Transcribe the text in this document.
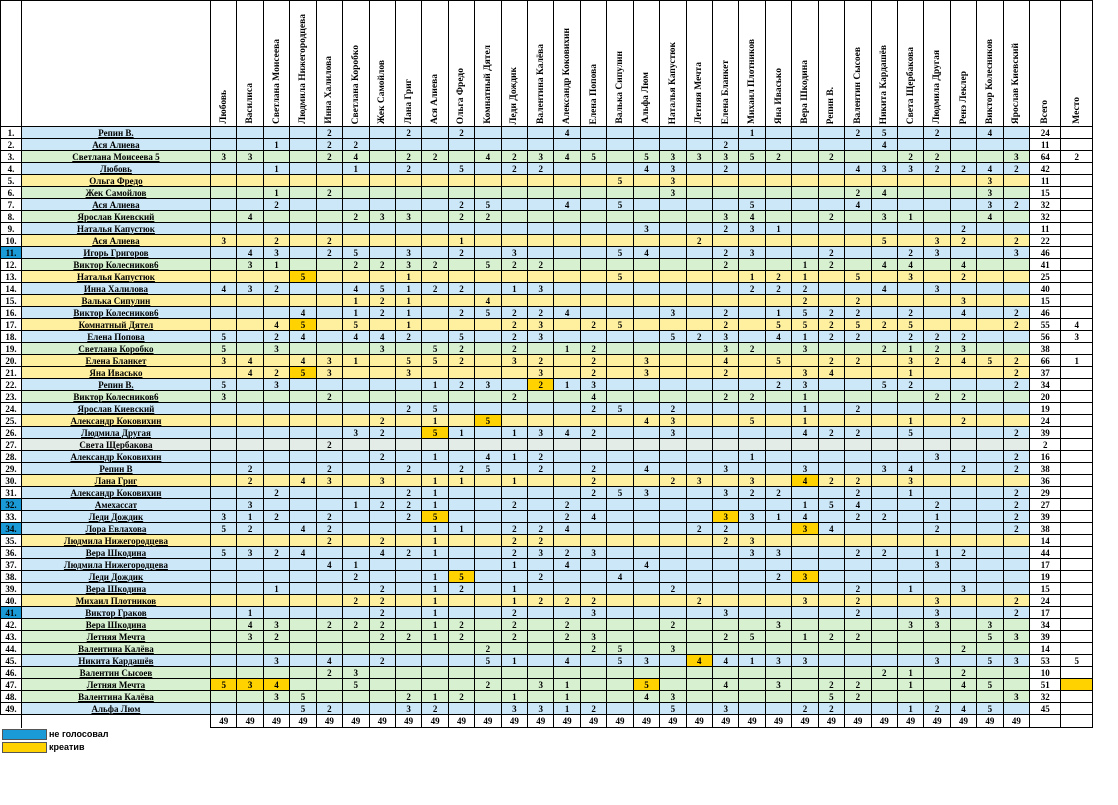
		Любовь	Василиса	Светлана Моисеева	Людмила Нижегородцева	Инна Халилова	Светлана Коробко	Жек Самойлов	Лана Григ	Ася Алиева	Ольга Фредо	Комнатный Дятел	Леди Дождик	Валентина Калёва	Александр Коковихин	Елена Попова	Валька Сипулин	Альфа Люм	Наталья Капустюк	Летняя Мечта	Елена Бланкет	Михаил Плотников	Яна Ивасько	Вера Шкодина	Репин В.	Валентин Сысоев	Никита Кардашёв	Света Щербакова	Людмила Другая	Ренэ Леклер	Виктор Колесников	Ярослав Киевский	Всего	Место
1.	Репин В.					2			2		2				4							1				2	5		2		4		24	
2.	Ася Алиева			1		2	2														2						4						11	
3.	Светлана Моисеева 5	3	3			2	4		2	2		4	2	3	4	5		5	3	3	3	5	2		2			2	2			3	64	2
4.	Любовь			1			1		2		5		2	2				4	3		2					4	3	3	2	2	4	2	42	
5.	Ольга Фредо																5		3												3		11	
6.	Жек Самойлов			1		2													3							2	4				3		15	
7.	Ася Алиева			2							2	5			4		5					5				4					3	2	32	
8.	Ярослав Киевский		4				2	3	3		2	2									3	4			2		3	1			4		32	
9.	Наталья Капустюк																	3			2	3	1							2			11	
10.	Ася Алиева	3		2		2					1									2							5		3	2		2	22	
11.	Игорь Григоров		4	3		2	5		3		2		3				5	4			2	3			2			2	3			3	46	
12.	Виктор Колесников6		3	1			2	2	3	2		5	2	2							2			1	2		4	4		4			41	
13.	Наталья Капустюк				5				1								5					1	2	1		5		3		2			25	
14.	Инна Халилова	4	3	2			4	5	1	2	2		1	3								2	2	2			4		3				40	
15.	Валька Сипулин						1	2	1			4												2		2				3			15	
16.	Виктор Колесников6				4		1	2	1		2	5	2	2	4				3		2		1	5	2	2		2		4		2	46	
17.	Комнатный Дятел			4	5		5		1				2	3		2	5				2		5	5	2	5	2	5				2	55	4
18.	Елена Попова	5		2	4		4	4	2		5		2	3					5	2	3		4	1	2	2		2	2	2			56	3
19.	Светлана Коробко	5		3				3		5	2		2		1	2					3	2		3			2	1	2	3			38	
20.	Елена Бланкет	3	4		4	3	1		5	5	2		3	2		2		3			4		5		2	2		3	2	4	5	2	66	1
21.	Яна Ивасько		4	2	5	3			3					3		2		3			2			3	4			1				2	37	
22.	Репин В.	5		3						1	2	3		2	1	3							2	3			5	2				2	34	
23.	Виктор Колесников6	3				2							2			4					2	2		1					2	2			20	
24.	Ярослав Киевский								2	5						2	5		2					1		2							19	
25.	Александр Коковихин							2		1		5						4	3			5		1				1		2			24	
26.	Людмила Другая						3	2		5	1		1	3	4	2			3					4	2	2		5				2	39	
27.	Света Щербакова					2																											2	
28.	Александр Коковихин							2		1		4	1	2								1							3			2	16	
29.	Репин В		2			2			2		2	5		2		2		4			3			3			3	4		2		2	38	
30.	Лана Григ		2		4	3		3		1	1		1			2			2	3		3		4	2	2		3					36	
31.	Александр Коковихин			2					2	1						2	5	3			3	2	2			2		1				2	29	
32.	Амехассат		3				1	2	2	1			2		2									1	5	4			2			2	27	
33.	Леди Дождик	3	1	2		2			2	5					2	4					3	3	1	4		2	2		1			2	39	
34.	Лора Евлахова	5	2		4	2				1	1		2	2	4					2	2			3	4				2			2	38	
35.	Людмила Нижегородцева					2		2		1			2	2							2	3											14	
36.	Вера Шкодина	5	3	2	4			4	2	1			2	3	2	3						3	3			2	2		1	2			44	
37.	Людмила Нижегородцева					4	1						1		4			4											3				17	
38.	Леди Дождик						2			1	5			2			4						2	3									19	
39.	Вера Шкодина			1				2		1	2		1						2							2		1		3			15	
40.	Михаил Плотников						2	2		1			1	2	2	2				2				3		2			3			2	24	
41.	Виктор Граков		1					2		1			2			3					3					2			3			2	17	
42.	Вера Шкодина		4	3		2	2	2		1	2		2		2				2				3					3	3		3		34	
43.	Летняя Мечта		3	2				2	2	1	2		2		2	3					2	5		1	2	2					5	3	39	
44.	Валентина Калёва											2				2	5		3											2			14	
45.	Никита Кардашёв			3		4		2				5	1		4		5	3		4	4	1	3	3					3		5	3	53	5
46.	Валентин Сысоев					2	3																				2	1		2			10	
47.	Летняя Мечта	5	3	4			5					2		3	1			5			4		3		2	2		1		4	5		51	
48.	Валентина Калёва			3	5				2	1	2		1		1			4	3						5	2						3	32	
49.	Альфа Люм				5	2			3	2			3	3	1	2			5		3			2	2			1	2	4	5		45	
		49	49	49	49	49	49	49	49	49	49	49	49	49	49	49	49	49	49	49	49	49	49	49	49	49	49	49	49	49	49	49		
не голосовал
креатив
